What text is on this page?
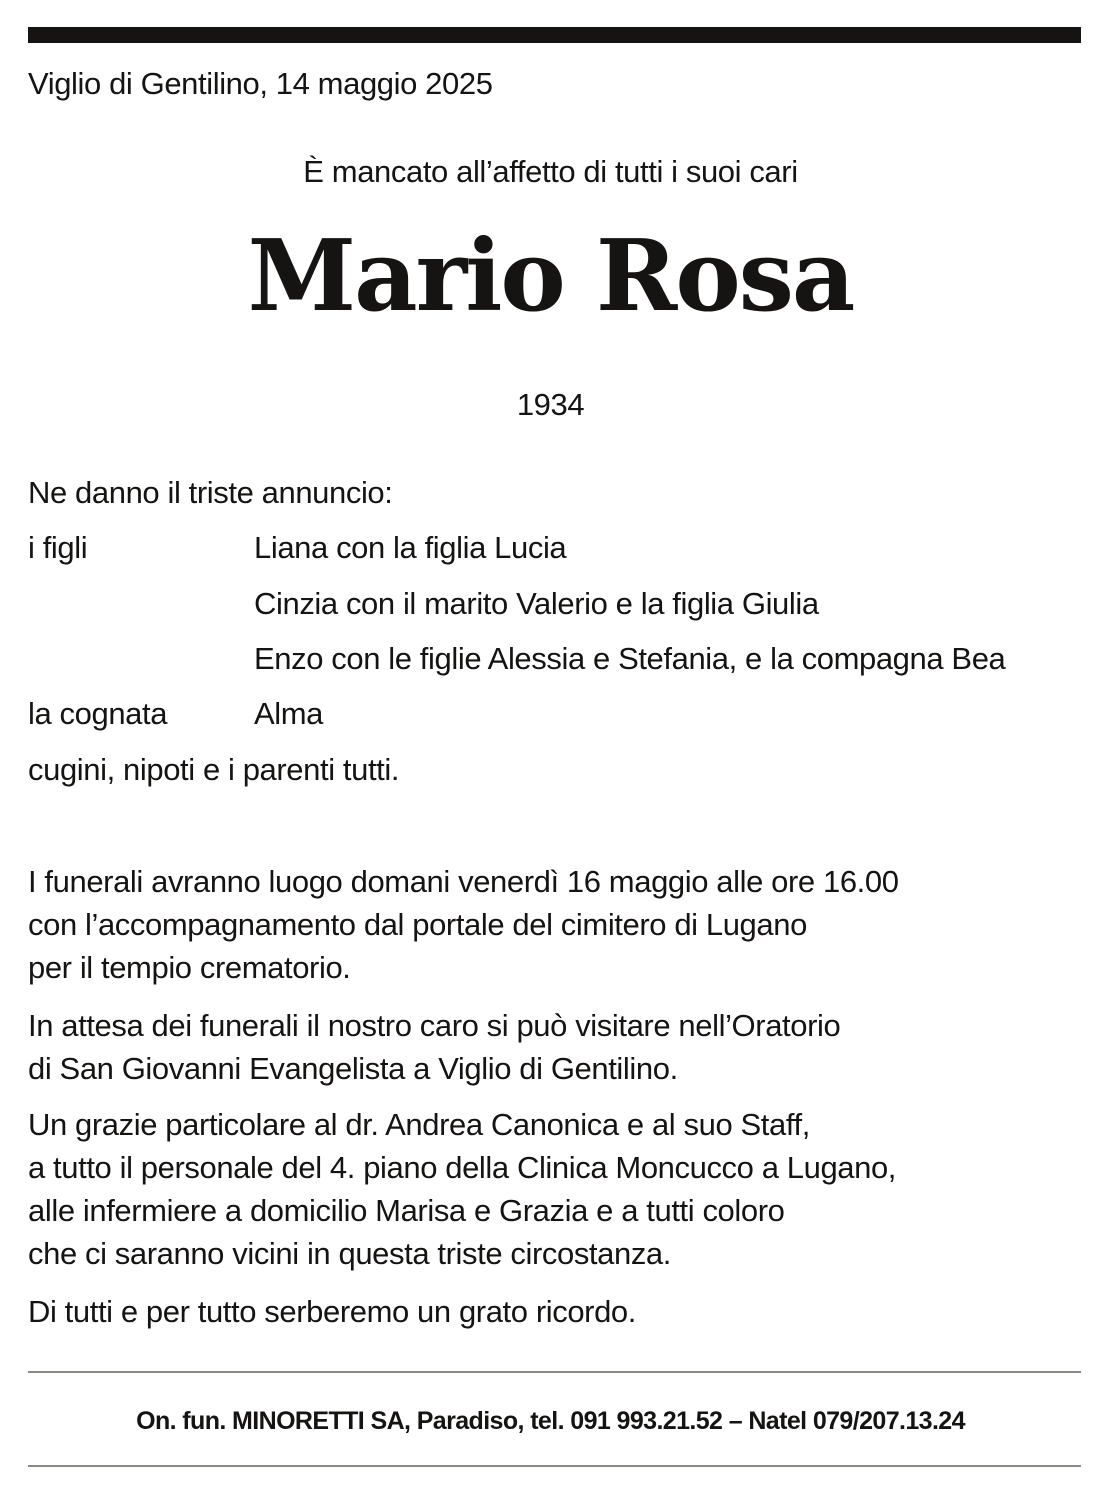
Viglio di Gentilino, 14 maggio 2025
È mancato all’affetto di tutti i suoi cari
Mario Rosa
1934
Ne danno il triste annuncio:
i figli	Liana con la figlia Lucia
Cinzia con il marito Valerio e la figlia Giulia
Enzo con le figlie Alessia e Stefania, e la compagna Bea
la cognata	Alma
cugini, nipoti e i parenti tutti.
I funerali avranno luogo domani venerdì 16 maggio alle ore 16.00
con l’accompagnamento dal portale del cimitero di Lugano
per il tempio crematorio.
In attesa dei funerali il nostro caro si può visitare nell’Oratorio
di San Giovanni Evangelista a Viglio di Gentilino.
Un grazie particolare al dr. Andrea Canonica e al suo Staff,
a tutto il personale del 4. piano della Clinica Moncucco a Lugano,
alle infermiere a domicilio Marisa e Grazia e a tutti coloro
che ci saranno vicini in questa triste circostanza.
Di tutti e per tutto serberemo un grato ricordo.
On. fun. MINORETTI SA, Paradiso, tel. 091 993.21.52 – Natel 079/207.13.24
